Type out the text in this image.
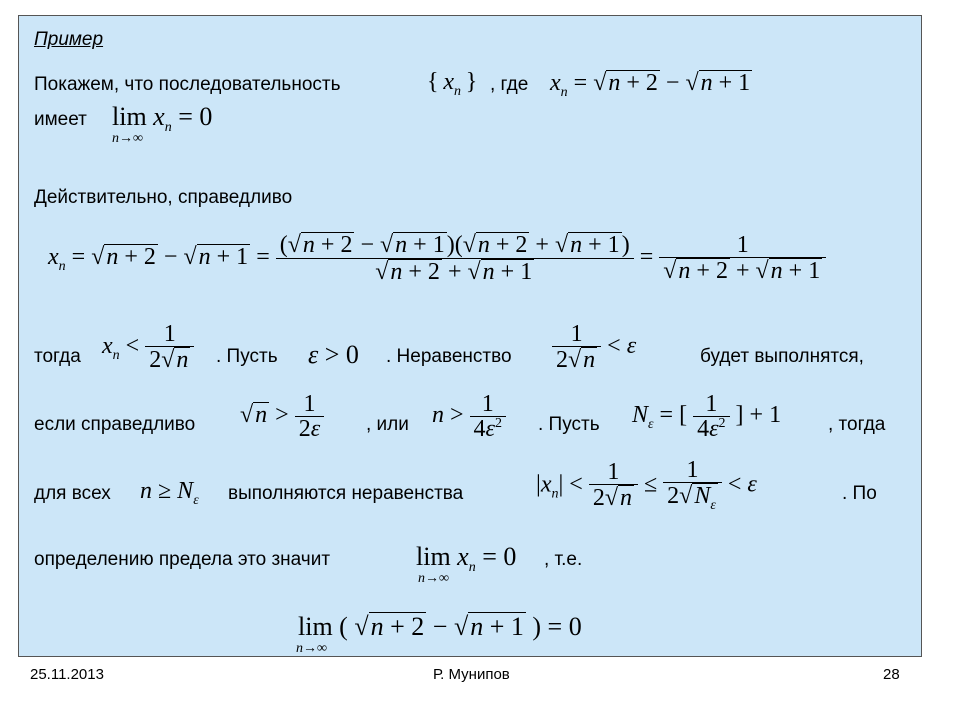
Пример
Покажем, что последовательность	{ $x_n$ } , где $x_n = √n + 2 - √n + 1$
имеет $\lim x_n = 0$
n→∞
Действительно, справедливо
$x_n = √n + 2 - √n + 1 = \frac{(√n + 2 - √n + 1)(√n + 2 + √n + 1)}{√n + 2 + √n + 1} = \frac{1}{√n + 2 + √n + 1}$
тогда $x_n < \frac{1}{2√n}$ . Пусть ε > 0 . Неравенство $\frac{1}{2√n} < \varepsilon$	будет выполнятся,
если справедливо $√n > \frac{1}{2\varepsilon}$ , или $n > \frac{1}{4\varepsilon^2}$ . Пусть $N_\varepsilon$ = [ $\frac{1}{4\varepsilon^2}$ ] + 1 , тогда
для всех $n \ge N_\varepsilon$ выполняются неравенства	$|x_n| < \frac{1}{2√n} \le \frac{1}{2√N_\varepsilon} < \varepsilon$	. По
определению предела это значит	$\lim x_n = 0$
n→∞
, т.е.
lim ( √n + 2 − √n + 1 ) = 0
n→∞
25.11.2013	Р. Мунипов	28
